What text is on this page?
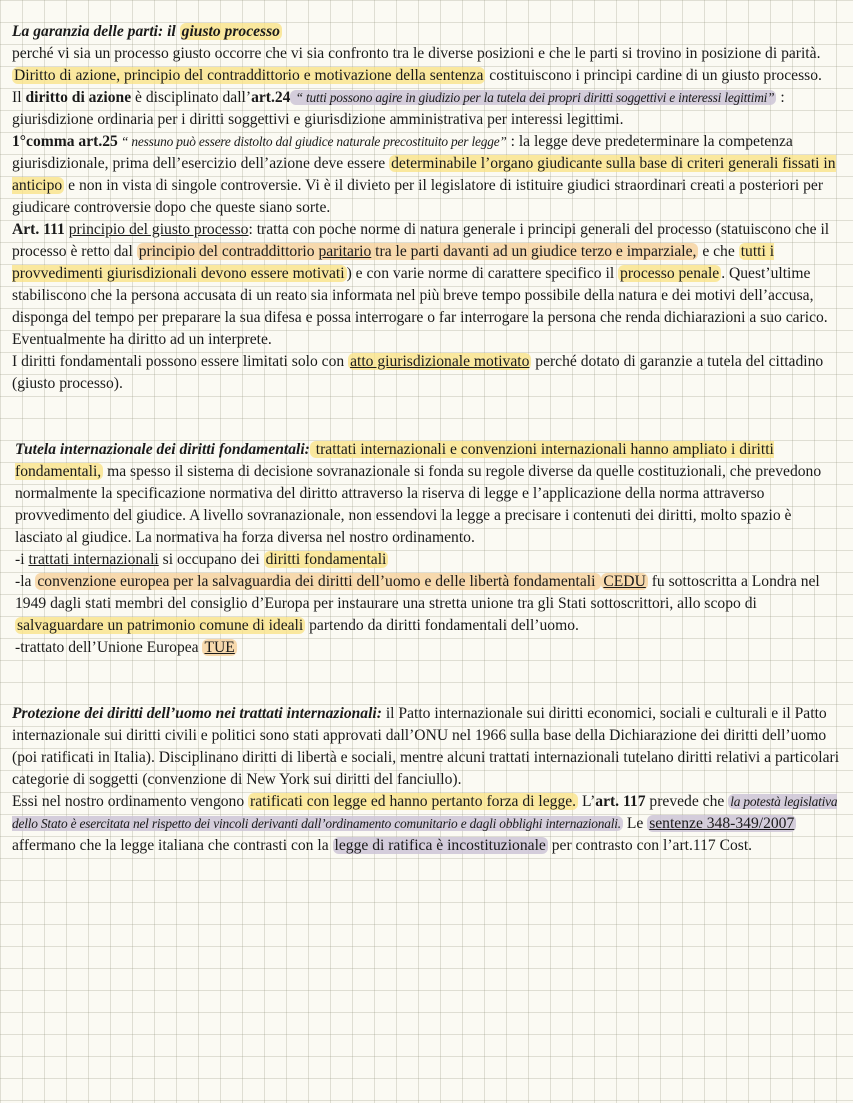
La garanzia delle parti: il giusto processo
perché vi sia un processo giusto occorre che vi sia confronto tra le diverse posizioni e che le parti si trovino in posizione di parità. Diritto di azione, principio del contraddittorio e motivazione della sentenza costituiscono i principi cardine di un giusto processo.
Il diritto di azione è disciplinato dall’art.24 “ tutti possono agire in giudizio per la tutela dei propri diritti soggettivi e interessi legittimi” : giurisdizione ordinaria per i diritti soggettivi e giurisdizione amministrativa per interessi legittimi.
1°comma art.25 “ nessuno può essere distolto dal giudice naturale precostituito per legge” : la legge deve predeterminare la competenza giurisdizionale, prima dell’esercizio dell’azione deve essere determinabile l’organo giudicante sulla base di criteri generali fissati in anticipo e non in vista di singole controversie. Vi è il divieto per il legislatore di istituire giudici straordinari creati a posteriori per giudicare controversie dopo che queste siano sorte.
Art. 111 principio del giusto processo: tratta con poche norme di natura generale i principi generali del processo (statuiscono che il processo è retto dal principio del contraddittorio paritario tra le parti davanti ad un giudice terzo e imparziale, e che tutti i provvedimenti giurisdizionali devono essere motivati ) e con varie norme di carattere specifico il processo penale . Quest’ultime stabiliscono che la persona accusata di un reato sia informata nel più breve tempo possibile della natura e dei motivi dell’accusa, disponga del tempo per preparare la sua difesa e possa interrogare o far interrogare la persona che renda dichiarazioni a suo carico. Eventualmente ha diritto ad un interprete.
I diritti fondamentali possono essere limitati solo con atto giurisdizionale motivato perché dotato di garanzie a tutela del cittadino (giusto processo).

Tutela internazionale dei diritti fondamentali: trattati internazionali e convenzioni internazionali hanno ampliato i diritti fondamentali, ma spesso il sistema di decisione sovranazionale si fonda su regole diverse da quelle costituzionali, che prevedono normalmente la specificazione normativa del diritto attraverso la riserva di legge e l’applicazione della norma attraverso provvedimento del giudice. A livello sovranazionale, non essendovi la legge a precisare i contenuti dei diritti, molto spazio è lasciato al giudice. La normativa ha forza diversa nel nostro ordinamento.
-i trattati internazionali si occupano dei diritti fondamentali
-la convenzione europea per la salvaguardia dei diritti dell’uomo e delle libertà fondamentali CEDU fu sottoscritta a Londra nel 1949 dagli stati membri del consiglio d’Europa per instaurare una stretta unione tra gli Stati sottoscrittori, allo scopo di salvaguardare un patrimonio comune di ideali partendo da diritti fondamentali dell’uomo.
-trattato dell’Unione Europea TUE

Protezione dei diritti dell’uomo nei trattati internazionali: il Patto internazionale sui diritti economici, sociali e culturali e il Patto internazionale sui diritti civili e politici sono stati approvati dall’ONU nel 1966 sulla base della Dichiarazione dei diritti dell’uomo (poi ratificati in Italia). Disciplinano diritti di libertà e sociali, mentre alcuni trattati internazionali tutelano diritti relativi a particolari categorie di soggetti (convenzione di New York sui diritti del fanciullo).
Essi nel nostro ordinamento vengono ratificati con legge ed hanno pertanto forza di legge. L’art. 117 prevede che la potestà legislativa dello Stato è esercitata nel rispetto dei vincoli derivanti dall’ordinamento comunitario e dagli obblighi internazionali. Le sentenze 348-349/2007 affermano che la legge italiana che contrasti con la legge di ratifica è incostituzionale per contrasto con l’art.117 Cost.
